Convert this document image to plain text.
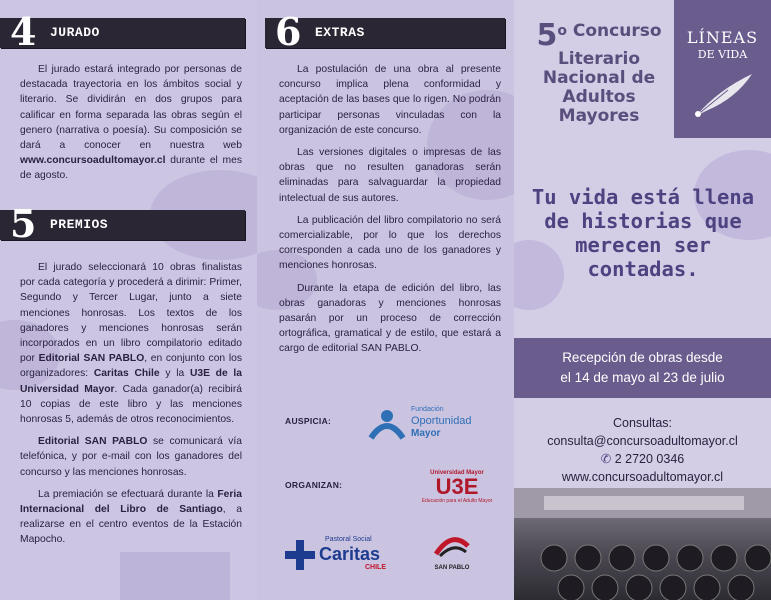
4 JURADO

El jurado estará integrado por personas de destacada trayectoria en los ámbitos social y literario. Se dividirán en dos grupos para calificar en forma separada las obras según el genero (narrativa o poesía). Su composición se dará a conocer en nuestra web www.concursoadultomayor.cl durante el mes de agosto.

5 PREMIOS

El jurado seleccionará 10 obras finalistas por cada categoría y procederá a dirimir: Primer, Segundo y Tercer Lugar, junto a siete menciones honrosas. Los textos de los ganadores y menciones honrosas serán incorporados en un libro compilatorio editado por Editorial SAN PABLO, en conjunto con los organizadores: Caritas Chile y la U3E de la Universidad Mayor. Cada ganador(a) recibirá 10 copias de este libro y las menciones honrosas 5, además de otros reconocimientos.

Editorial SAN PABLO se comunicará vía telefónica, y por e-mail con los ganadores del concurso y las menciones honrosas.

La premiación se efectuará durante la Feria Internacional del Libro de Santiago, a realizarse en el centro eventos de la Estación Mapocho.

6 EXTRAS

La postulación de una obra al presente concurso implica plena conformidad y aceptación de las bases que lo rigen. No podrán participar personas vinculadas con la organización de este concurso.

Las versiones digitales o impresas de las obras que no resulten ganadoras serán eliminadas para salvaguardar la propiedad intelectual de sus autores.

La publicación del libro compilatorio no será comercializable, por lo que los derechos corresponden a cada uno de los ganadores y menciones honrosas.

Durante la etapa de edición del libro, las obras ganadoras y menciones honrosas pasarán por un proceso de corrección ortográfica, gramatical y de estilo, que estará a cargo de editorial SAN PABLO.

AUSPICIA:
Fundación
Oportunidad
Mayor
ORGANIZAN:
Universidad Mayor
U3E
Educación para el Adulto Mayor
Pastoral Social
Caritas
CHILE	SAN PABLO
5$^o$ Concurso
Literario
Nacional de
Adultos
Mayores
LÍNEAS
DE VIDA
Tu vida está llena de historias que merecen ser contadas.
Recepción de obras desde
el 14 de mayo al 23 de julio
Consultas:
consulta@concursoadultomayor.cl
✆ 2 2720 0346
www.concursoadultomayor.cl
